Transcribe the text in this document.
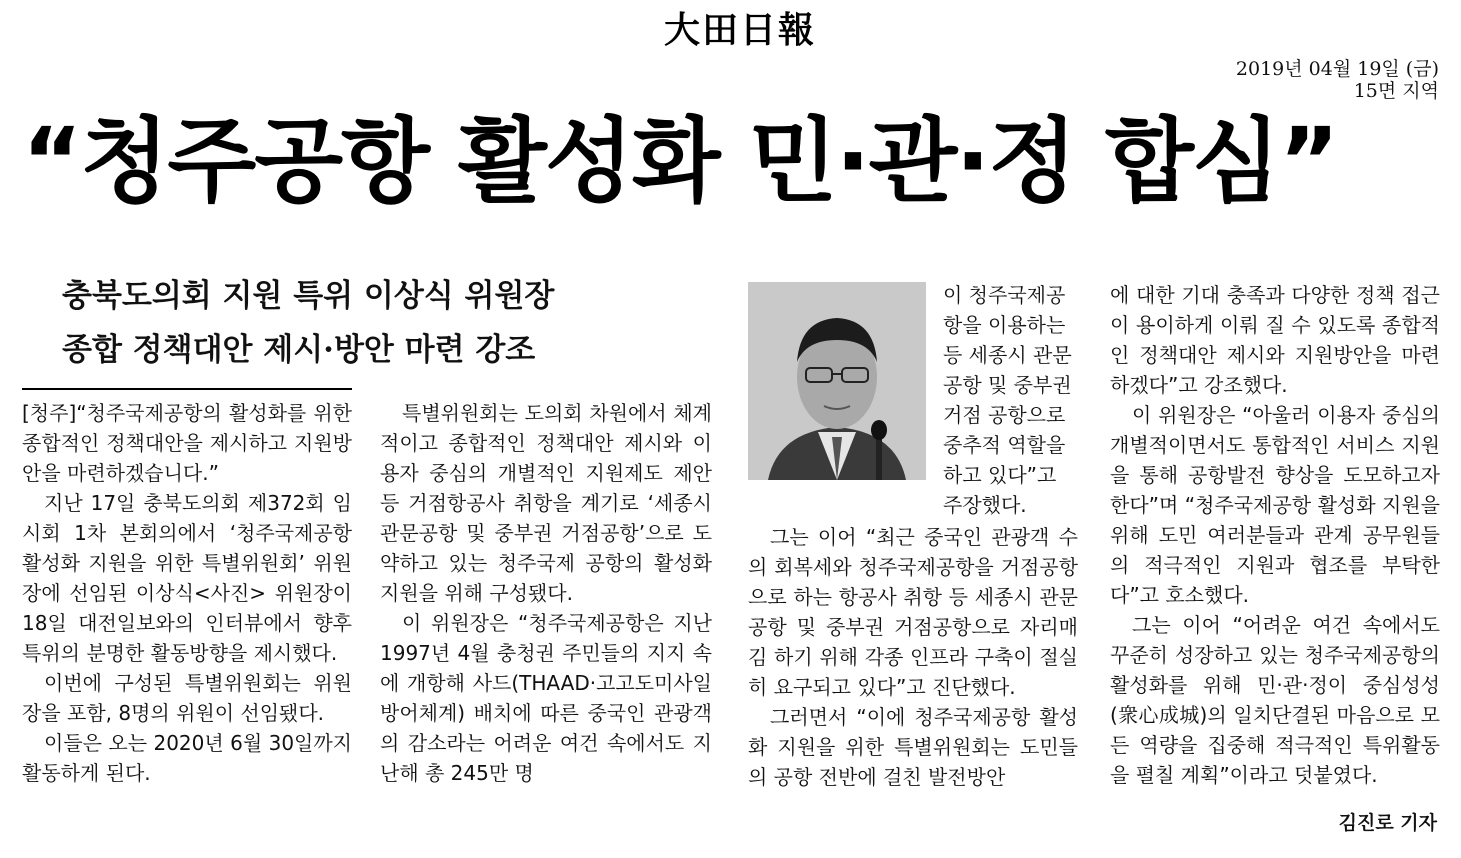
大田日報
2019년 04월 19일 (금)
15면 지역
“청주공항 활성화 민·관·정 합심”
충북도의회 지원 특위 이상식 위원장
종합 정책대안 제시·방안 마련 강조

[청주]“청주국제공항의 활성화를 위한 종합적인 정책대안을 제시하고 지원방안을 마련하겠습니다.”

지난 17일 충북도의회 제372회 임시회 1차 본회의에서 ‘청주국제공항 활성화 지원을 위한 특별위원회’ 위원장에 선임된 이상식<사진> 위원장이 18일 대전일보와의 인터뷰에서 향후 특위의 분명한 활동방향을 제시했다.

이번에 구성된 특별위원회는 위원장을 포함, 8명의 위원이 선임됐다.

이들은 오는 2020년 6월 30일까지 활동하게 된다.

특별위원회는 도의회 차원에서 체계적이고 종합적인 정책대안 제시와 이용자 중심의 개별적인 지원제도 제안 등 거점항공사 취항을 계기로 ‘세종시 관문공항 및 중부권 거점공항’으로 도약하고 있는 청주국제 공항의 활성화지원을 위해 구성됐다.

이 위원장은 “청주국제공항은 지난 1997년 4월 충청권 주민들의 지지 속에 개항해 사드(THAAD·고고도미사일방어체계) 배치에 따른 중국인 관광객의 감소라는 어려운 여건 속에서도 지난해 총 245만 명

이 청주국제공
항을 이용하는
등 세종시 관문
공항 및 중부권
거점 공항으로
중추적 역할을
하고 있다”고
주장했다.

그는 이어 “최근 중국인 관광객 수의 회복세와 청주국제공항을 거점공항으로 하는 항공사 취항 등 세종시 관문공항 및 중부권 거점공항으로 자리매김 하기 위해 각종 인프라 구축이 절실히 요구되고 있다”고 진단했다.

그러면서 “이에 청주국제공항 활성화 지원을 위한 특별위원회는 도민들의 공항 전반에 걸친 발전방안

에 대한 기대 충족과 다양한 정책 접근이 용이하게 이뤄 질 수 있도록 종합적인 정책대안 제시와 지원방안을 마련하겠다”고 강조했다.

이 위원장은 “아울러 이용자 중심의 개별적이면서도 통합적인 서비스 지원을 통해 공항발전 향상을 도모하고자 한다”며 “청주국제공항 활성화 지원을 위해 도민 여러분들과 관계 공무원들의 적극적인 지원과 협조를 부탁한다”고 호소했다.

그는 이어 “어려운 여건 속에서도 꾸준히 성장하고 있는 청주국제공항의 활성화를 위해 민·관·정이 중심성성(衆心成城)의 일치단결된 마음으로 모든 역량을 집중해 적극적인 특위활동을 펼칠 계획”이라고 덧붙였다.

김진로 기자
